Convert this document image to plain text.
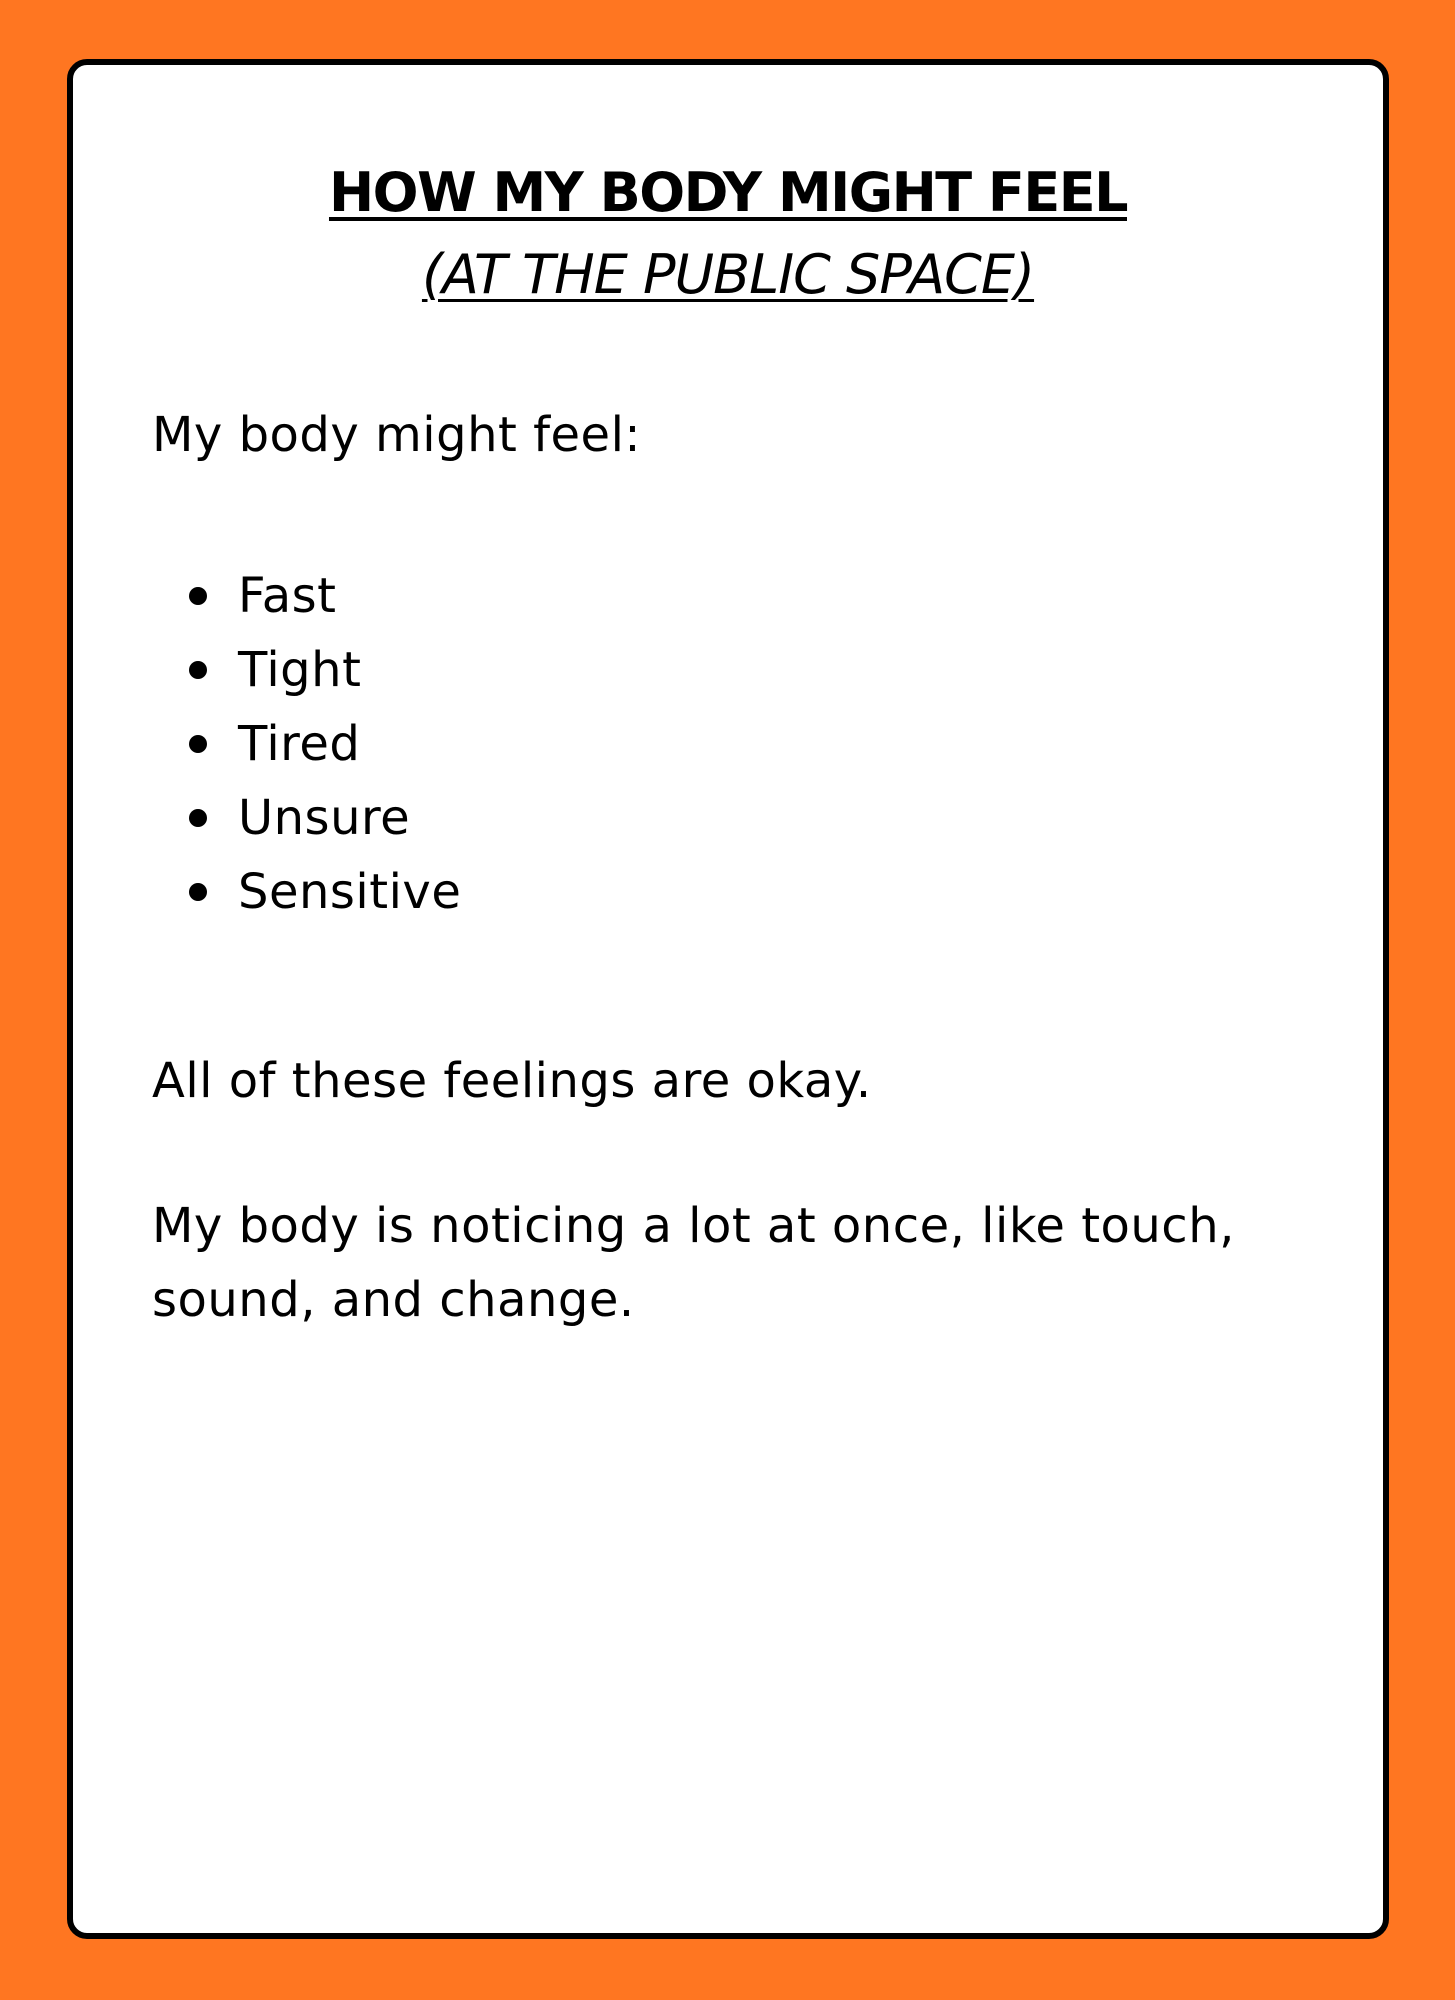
HOW MY BODY MIGHT FEEL
(AT THE PUBLIC SPACE)

My body might feel:

Fast
Tight
Tired
Unsure
Sensitive

All of these feelings are okay.

My body is noticing a lot at once, like touch, sound, and change.
